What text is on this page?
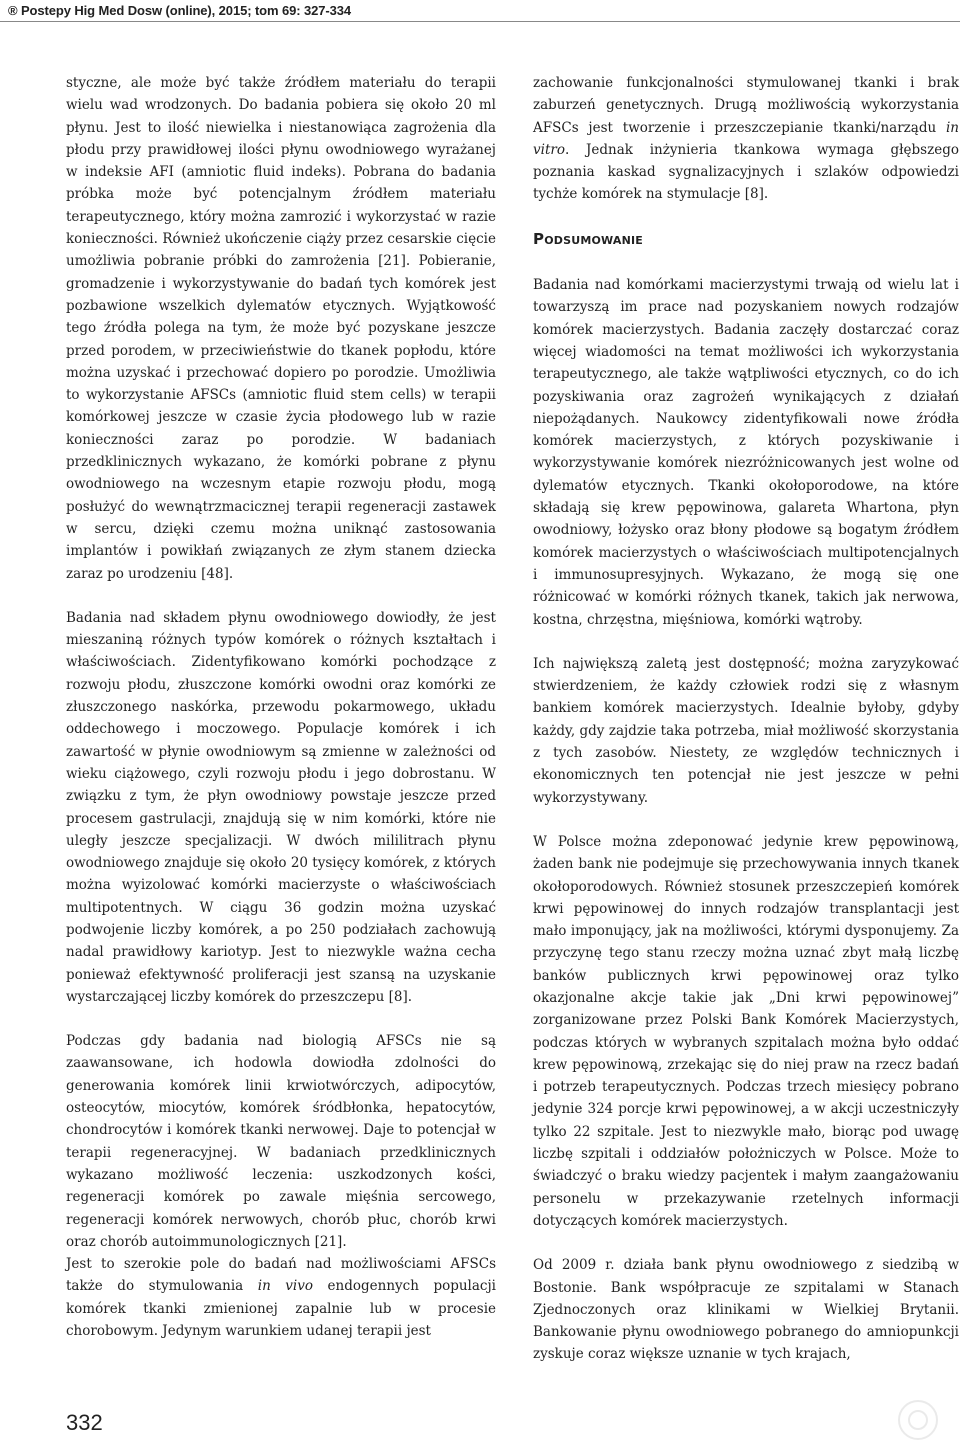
® Postepy Hig Med Dosw (online), 2015; tom 69: 327-334

styczne, ale może być także źródłem materiału do terapii wielu wad wrodzonych. Do badania pobiera się około 20 ml płynu. Jest to ilość niewielka i niestanowiąca zagrożenia dla płodu przy prawidłowej ilości płynu owodniowego wyrażanej w indeksie AFI (amniotic fluid indeks). Pobrana do badania próbka może być potencjalnym źródłem materiału terapeutycznego, który można zamrozić i wykorzystać w razie konieczności. Również ukończenie ciąży przez cesarskie cięcie umożliwia pobranie próbki do zamrożenia [21]. Pobieranie, gromadzenie i wykorzystywanie do badań tych komórek jest pozbawione wszelkich dylematów etycznych. Wyjątkowość tego źródła polega na tym, że może być pozyskane jeszcze przed porodem, w przeciwieństwie do tkanek popłodu, które można uzyskać i przechować dopiero po porodzie. Umożliwia to wykorzystanie AFSCs (amniotic fluid stem cells) w terapii komórkowej jeszcze w czasie życia płodowego lub w razie konieczności zaraz po porodzie. W badaniach przedklinicznych wykazano, że komórki pobrane z płynu owodniowego na wczesnym etapie rozwoju płodu, mogą posłużyć do wewnątrzmacicznej terapii regeneracji zastawek w sercu, dzięki czemu można uniknąć zastosowania implantów i powikłań związanych ze złym stanem dziecka zaraz po urodzeniu [48].

Badania nad składem płynu owodniowego dowiodły, że jest mieszaniną różnych typów komórek o różnych kształtach i właściwościach. Zidentyfikowano komórki pochodzące z rozwoju płodu, złuszczone komórki owodni oraz komórki ze złuszczonego naskórka, przewodu pokarmowego, układu oddechowego i moczowego. Populacje komórek i ich zawartość w płynie owodniowym są zmienne w zależności od wieku ciążowego, czyli rozwoju płodu i jego dobrostanu. W związku z tym, że płyn owodniowy powstaje jeszcze przed procesem gastrulacji, znajdują się w nim komórki, które nie uległy jeszcze specjalizacji. W dwóch mililitrach płynu owodniowego znajduje się około 20 tysięcy komórek, z których można wyizolować komórki macierzyste o właściwościach multipotentnych. W ciągu 36 godzin można uzyskać podwojenie liczby komórek, a po 250 podziałach zachowują nadal prawidłowy kariotyp. Jest to niezwykle ważna cecha ponieważ efektywność proliferacji jest szansą na uzyskanie wystarczającej liczby komórek do przeszczepu [8].

Podczas gdy badania nad biologią AFSCs nie są zaawansowane, ich hodowla dowiodła zdolności do generowania komórek linii krwiotwórczych, adipocytów, osteocytów, miocytów, komórek śródbłonka, hepatocytów, chondrocytów i komórek tkanki nerwowej. Daje to potencjał w terapii regeneracyjnej. W badaniach przedklinicznych wykazano możliwość leczenia: uszkodzonych kości, regeneracji komórek po zawale mięśnia sercowego, regeneracji komórek nerwowych, chorób płuc, chorób krwi oraz chorób autoimmunologicznych [21].

Jest to szerokie pole do badań nad możliwościami AFSCs także do stymulowania in vivo endogennych populacji komórek tkanki zmienionej zapalnie lub w procesie chorobowym. Jedynym warunkiem udanej terapii jest

zachowanie funkcjonalności stymulowanej tkanki i brak zaburzeń genetycznych. Drugą możliwością wykorzystania AFSCs jest tworzenie i przeszczepianie tkanki/narządu in vitro. Jednak inżynieria tkankowa wymaga głębszego poznania kaskad sygnalizacyjnych i szlaków odpowiedzi tychże komórek na stymulacje [8].

Podsumowanie

Badania nad komórkami macierzystymi trwają od wielu lat i towarzyszą im prace nad pozyskaniem nowych rodzajów komórek macierzystych. Badania zaczęły dostarczać coraz więcej wiadomości na temat możliwości ich wykorzystania terapeutycznego, ale także wątpliwości etycznych, co do ich pozyskiwania oraz zagrożeń wynikających z działań niepożądanych. Naukowcy zidentyfikowali nowe źródła komórek macierzystych, z których pozyskiwanie i wykorzystywanie komórek niezróżnicowanych jest wolne od dylematów etycznych. Tkanki okołoporodowe, na które składają się krew pępowinowa, galareta Whartona, płyn owodniowy, łożysko oraz błony płodowe są bogatym źródłem komórek macierzystych o właściwościach multipotencjalnych i immunosupresyjnych. Wykazano, że mogą się one różnicować w komórki różnych tkanek, takich jak nerwowa, kostna, chrzęstna, mięśniowa, komórki wątroby.

Ich największą zaletą jest dostępność; można zaryzykować stwierdzeniem, że każdy człowiek rodzi się z własnym bankiem komórek macierzystych. Idealnie byłoby, gdyby każdy, gdy zajdzie taka potrzeba, miał możliwość skorzystania z tych zasobów. Niestety, ze względów technicznych i ekonomicznych ten potencjał nie jest jeszcze w pełni wykorzystywany.

W Polsce można zdeponować jedynie krew pępowinową, żaden bank nie podejmuje się przechowywania innych tkanek okołoporodowych. Również stosunek przeszczepień komórek krwi pępowinowej do innych rodzajów transplantacji jest mało imponujący, jak na możliwości, którymi dysponujemy. Za przyczynę tego stanu rzeczy można uznać zbyt małą liczbę banków publicznych krwi pępowinowej oraz tylko okazjonalne akcje takie jak „Dni krwi pępowinowej” zorganizowane przez Polski Bank Komórek Macierzystych, podczas których w wybranych szpitalach można było oddać krew pępowinową, zrzekając się do niej praw na rzecz badań i potrzeb terapeutycznych. Podczas trzech miesięcy pobrano jedynie 324 porcje krwi pępowinowej, a w akcji uczestniczyły tylko 22 szpitale. Jest to niezwykle mało, biorąc pod uwagę liczbę szpitali i oddziałów położniczych w Polsce. Może to świadczyć o braku wiedzy pacjentek i małym zaangażowaniu personelu w przekazywanie rzetelnych informacji dotyczących komórek macierzystych.

Od 2009 r. działa bank płynu owodniowego z siedzibą w Bostonie. Bank współpracuje ze szpitalami w Stanach Zjednoczonych oraz klinikami w Wielkiej Brytanii. Bankowanie płynu owodniowego pobranego do amniopunkcji zyskuje coraz większe uznanie w tych krajach,

332
